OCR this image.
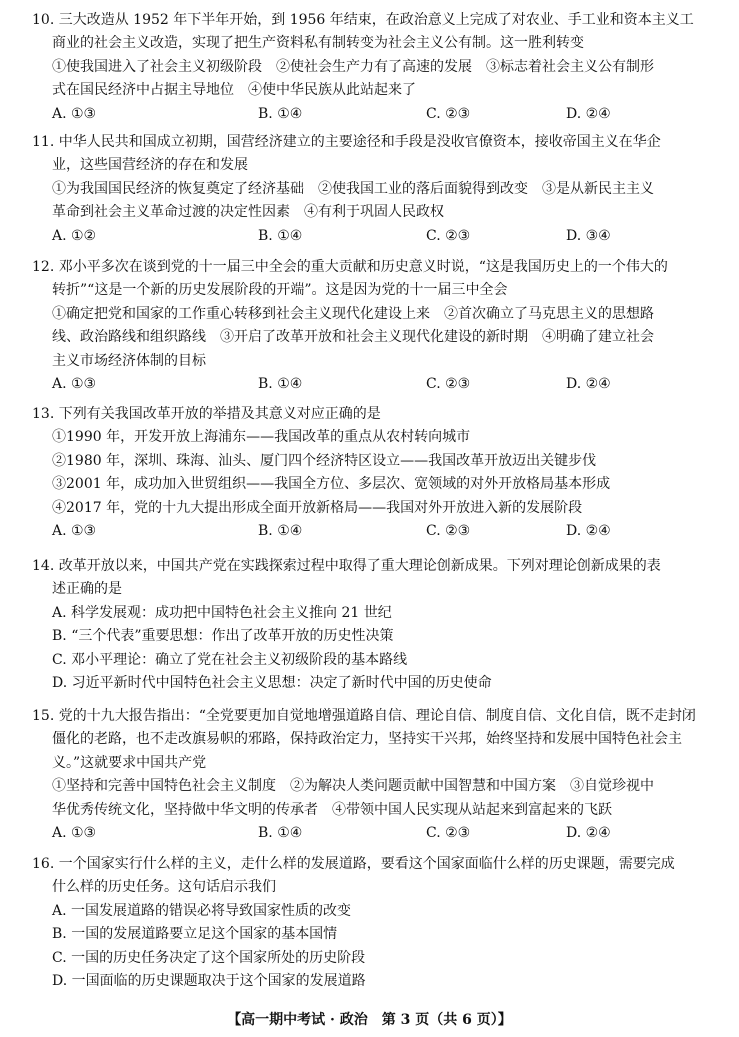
10. 三大改造从 1952 年下半年开始，到 1956 年结束，在政治意义上完成了对农业、手工业和资本主义工
商业的社会主义改造，实现了把生产资料私有制转变为社会主义公有制。这一胜利转变
①使我国进入了社会主义初级阶段　②使社会生产力有了高速的发展　③标志着社会主义公有制形
式在国民经济中占据主导地位　④使中华民族从此站起来了
A. ①③	B. ①④	C. ②③	D. ②④
11. 中华人民共和国成立初期，国营经济建立的主要途径和手段是没收官僚资本，接收帝国主义在华企
业，这些国营经济的存在和发展
①为我国国民经济的恢复奠定了经济基础　②使我国工业的落后面貌得到改变　③是从新民主主义
革命到社会主义革命过渡的决定性因素　④有利于巩固人民政权
A. ①②	B. ①④	C. ②③	D. ③④
12. 邓小平多次在谈到党的十一届三中全会的重大贡献和历史意义时说，“这是我国历史上的一个伟大的
转折”“这是一个新的历史发展阶段的开端”。这是因为党的十一届三中全会
①确定把党和国家的工作重心转移到社会主义现代化建设上来　②首次确立了马克思主义的思想路
线、政治路线和组织路线　③开启了改革开放和社会主义现代化建设的新时期　④明确了建立社会
主义市场经济体制的目标
A. ①③	B. ①④	C. ②③	D. ②④
13. 下列有关我国改革开放的举措及其意义对应正确的是
①1990 年，开发开放上海浦东——我国改革的重点从农村转向城市
②1980 年，深圳、珠海、汕头、厦门四个经济特区设立——我国改革开放迈出关键步伐
③2001 年，成功加入世贸组织——我国全方位、多层次、宽领域的对外开放格局基本形成
④2017 年，党的十九大提出形成全面开放新格局——我国对外开放进入新的发展阶段
A. ①③	B. ①④	C. ②③	D. ②④
14. 改革开放以来，中国共产党在实践探索过程中取得了重大理论创新成果。下列对理论创新成果的表
述正确的是
A. 科学发展观：成功把中国特色社会主义推向 21 世纪
B. “三个代表”重要思想：作出了改革开放的历史性决策
C. 邓小平理论：确立了党在社会主义初级阶段的基本路线
D. 习近平新时代中国特色社会主义思想：决定了新时代中国的历史使命
15. 党的十九大报告指出：“全党要更加自觉地增强道路自信、理论自信、制度自信、文化自信，既不走封闭
僵化的老路，也不走改旗易帜的邪路，保持政治定力，坚持实干兴邦，始终坚持和发展中国特色社会主
义。”这就要求中国共产党
①坚持和完善中国特色社会主义制度　②为解决人类问题贡献中国智慧和中国方案　③自觉珍视中
华优秀传统文化，坚持做中华文明的传承者　④带领中国人民实现从站起来到富起来的飞跃
A. ①③	B. ①④	C. ②③	D. ②④
16. 一个国家实行什么样的主义，走什么样的发展道路，要看这个国家面临什么样的历史课题，需要完成
什么样的历史任务。这句话启示我们
A. 一国发展道路的错误必将导致国家性质的改变
B. 一国的发展道路要立足这个国家的基本国情
C. 一国的历史任务决定了这个国家所处的历史阶段
D. 一国面临的历史课题取决于这个国家的发展道路
【高一期中考试 · 政治　第 3 页（共 6 页）】
